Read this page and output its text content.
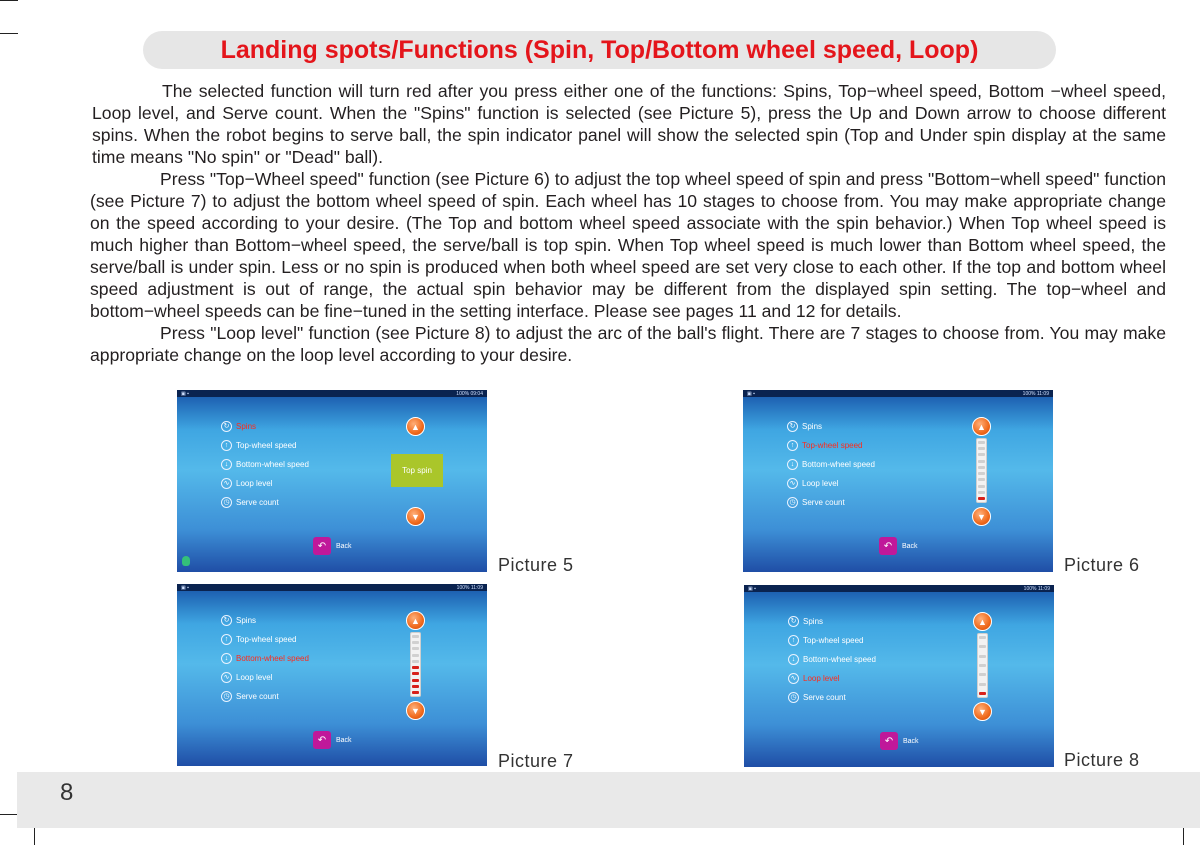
Landing spots/Functions (Spin, Top/Bottom wheel speed, Loop)

The selected function will turn red after you press either one of the functions: Spins, Top−wheel speed, Bottom −wheel speed, Loop level, and Serve count. When the "Spins" function is selected (see Picture 5), press the Up and Down arrow to choose different spins. When the robot begins to serve ball, the spin indicator panel will show the selected spin (Top and Under spin display at the same time means "No spin" or "Dead" ball).

Press "Top−Wheel speed" function (see Picture 6) to adjust the top wheel speed of spin and press "Bottom−whell speed" function (see Picture 7) to adjust the bottom wheel speed of spin. Each wheel has 10 stages to choose from. You may make appropriate change on the speed according to your desire. (The Top and bottom wheel speed associate with the spin behavior.) When Top wheel speed is much higher than Bottom−wheel speed, the serve/ball is top spin. When Top wheel speed is much lower than Bottom wheel speed, the serve/ball is under spin. Less or no spin is produced when both wheel speed are set very close to each other. If the top and bottom wheel speed adjustment is out of range, the actual spin behavior may be different from the displayed spin setting. The top−wheel and bottom−wheel speeds can be fine−tuned in the setting interface. Please see pages 11 and 12 for details.

Press "Loop level" function (see Picture 8) to adjust the arc of the ball's flight. There are 7 stages to choose from. You may make appropriate change on the loop level according to your desire.

▣ ▪	100% 09:04
↻ Spins
↑ Top-wheel speed
↓ Bottom-wheel speed
∿ Loop level
◷ Serve count
▲
▼
Top spin
↶	Back
▣ ▪	100% 11:09
↻ Spins
↑ Top-wheel speed
↓ Bottom-wheel speed
∿ Loop level
◷ Serve count
▲
▼
↶	Back
▣ ▪	100% 11:09
↻ Spins
↑ Top-wheel speed
↓ Bottom-wheel speed
∿ Loop level
◷ Serve count
▲
▼
↶	Back
▣ ▪	100% 11:09
↻ Spins
↑ Top-wheel speed
↓ Bottom-wheel speed
∿ Loop level
◷ Serve count
▲
▼
↶	Back
Picture 5	Picture 6
Picture 7	Picture 8
8
